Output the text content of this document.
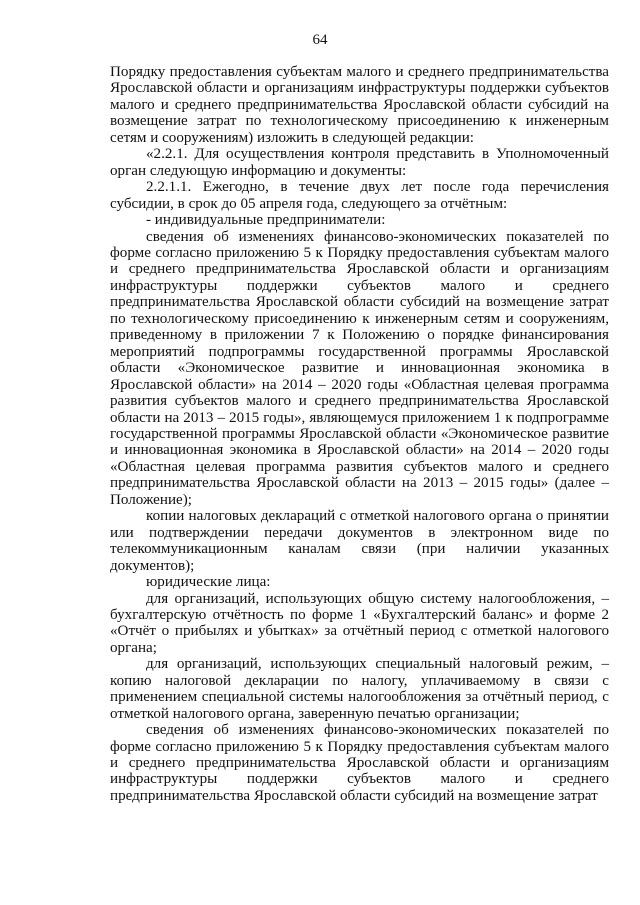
64

Порядку предоставления субъектам малого и среднего предпринимательства Ярославской области и организациям инфраструктуры поддержки субъектов малого и среднего предпринимательства Ярославской области субсидий на возмещение затрат по технологическому присоединению к инженерным сетям и сооружениям) изложить в следующей редакции:

«2.2.1. Для осуществления контроля представить в Уполномоченный орган следующую информацию и документы:

2.2.1.1. Ежегодно, в течение двух лет после года перечисления субсидии, в срок до 05 апреля года, следующего за отчётным:

- индивидуальные предприниматели:

сведения об изменениях финансово-экономических показателей по форме согласно приложению 5 к Порядку предоставления субъектам малого и среднего предпринимательства Ярославской области и организациям инфраструктуры поддержки субъектов малого и среднего предпринимательства Ярославской области субсидий на возмещение затрат по технологическому присоединению к инженерным сетям и сооружениям, приведенному в приложении 7 к Положению о порядке финансирования мероприятий подпрограммы государственной программы Ярославской области «Экономическое развитие и инновационная экономика в Ярославской области» на 2014 – 2020 годы «Областная целевая программа развития субъектов малого и среднего предпринимательства Ярославской области на 2013 – 2015 годы», являющемуся приложением 1 к подпрограмме государственной программы Ярославской области «Экономическое развитие и инновационная экономика в Ярославской области» на 2014 – 2020 годы «Областная целевая программа развития субъектов малого и среднего предпринимательства Ярославской области на 2013 – 2015 годы» (далее – Положение);

копии налоговых деклараций с отметкой налогового органа о принятии или подтверждении передачи документов в электронном виде по телекоммуникационным каналам связи (при наличии указанных документов);

юридические лица:

для организаций, использующих общую систему налогообложения, – бухгалтерскую отчётность по форме 1 «Бухгалтерский баланс» и форме 2 «Отчёт о прибылях и убытках» за отчётный период с отметкой налогового органа;

для организаций, использующих специальный налоговый режим, – копию налоговой декларации по налогу, уплачиваемому в связи с применением специальной системы налогообложения за отчётный период, с отметкой налогового органа, заверенную печатью организации;

сведения об изменениях финансово-экономических показателей по форме согласно приложению 5 к Порядку предоставления субъектам малого и среднего предпринимательства Ярославской области и организациям инфраструктуры поддержки субъектов малого и среднего предпринимательства Ярославской области субсидий на возмещение затрат
